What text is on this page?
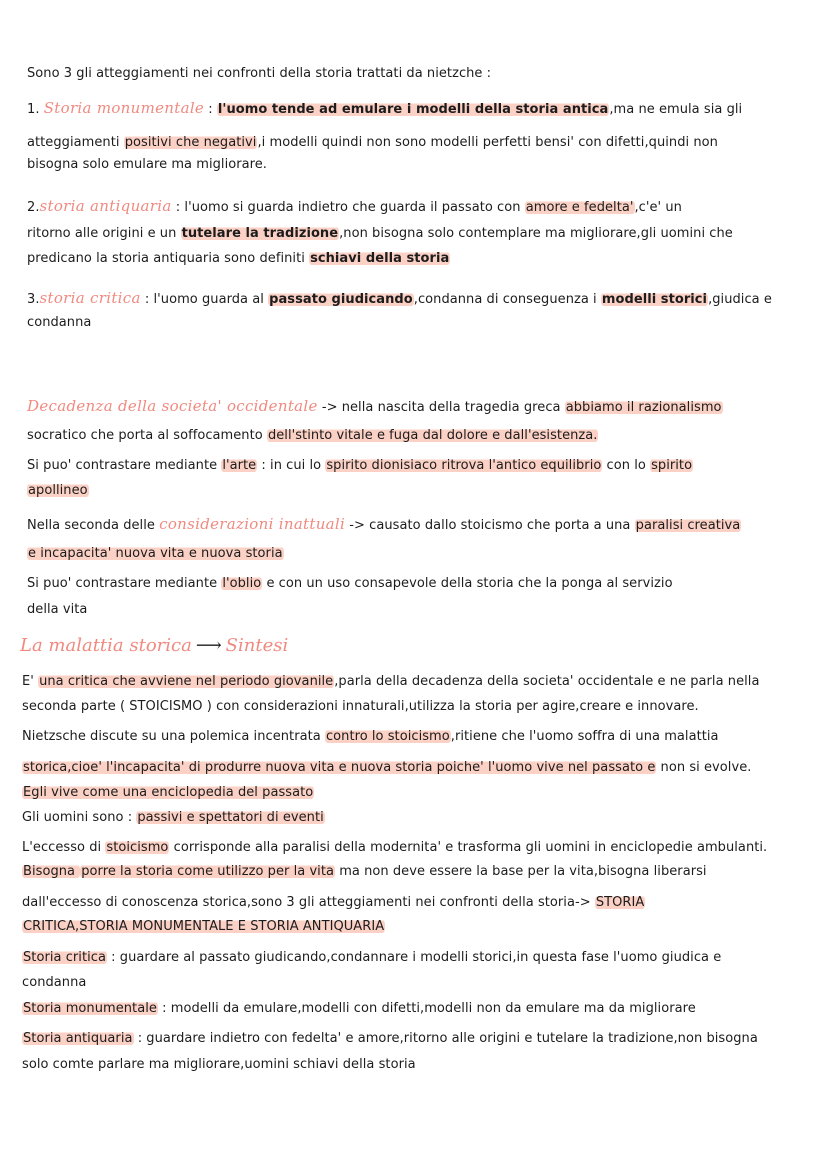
Sono 3 gli atteggiamenti nei confronti della storia trattati da nietzche :
1. Storia monumentale : l'uomo tende ad emulare i modelli della storia antica,ma ne emula sia gli
atteggiamenti positivi che negativi,i modelli quindi non sono modelli perfetti bensi' con difetti,quindi non
bisogna solo emulare ma migliorare.
2.storia antiquaria : l'uomo si guarda indietro che guarda il passato con amore e fedelta',c'e' un
ritorno alle origini e un tutelare la tradizione,non bisogna solo contemplare ma migliorare,gli uomini che
predicano la storia antiquaria sono definiti schiavi della storia
3.storia critica : l'uomo guarda al passato giudicando,condanna di conseguenza i modelli storici,giudica e
condanna
Decadenza della societa' occidentale -> nella nascita della tragedia greca abbiamo il razionalismo
socratico che porta al soffocamento dell'stinto vitale e fuga dal dolore e dall'esistenza.
Si puo' contrastare mediante l'arte : in cui lo spirito dionisiaco ritrova l'antico equilibrio con lo spirito
apollineo
Nella seconda delle considerazioni inattuali -> causato dallo stoicismo che porta a una paralisi creativa
e incapacita' nuova vita e nuova storia
Si puo' contrastare mediante l'oblio e con un uso consapevole della storia che la ponga al servizio
della vita
La malattia storica ⟶ Sintesi
E' una critica che avviene nel periodo giovanile,parla della decadenza della societa' occidentale e ne parla nella
seconda parte ( STOICISMO ) con considerazioni innaturali,utilizza la storia per agire,creare e innovare.
Nietzsche discute su una polemica incentrata contro lo stoicismo,ritiene che l'uomo soffra di una malattia
storica,cioe' l'incapacita' di produrre nuova vita e nuova storia poiche' l'uomo vive nel passato e non si evolve.
Egli vive come una enciclopedia del passato
Gli uomini sono : passivi e spettatori di eventi
L'eccesso di stoicismo corrisponde alla paralisi della modernita' e trasforma gli uomini in enciclopedie ambulanti.
Bisogna porre la storia come utilizzo per la vita ma non deve essere la base per la vita,bisogna liberarsi
dall'eccesso di conoscenza storica,sono 3 gli atteggiamenti nei confronti della storia-> STORIA
CRITICA,STORIA MONUMENTALE E STORIA ANTIQUARIA
Storia critica : guardare al passato giudicando,condannare i modelli storici,in questa fase l'uomo giudica e
condanna
Storia monumentale : modelli da emulare,modelli con difetti,modelli non da emulare ma da migliorare
Storia antiquaria : guardare indietro con fedelta' e amore,ritorno alle origini e tutelare la tradizione,non bisogna
solo comte parlare ma migliorare,uomini schiavi della storia
